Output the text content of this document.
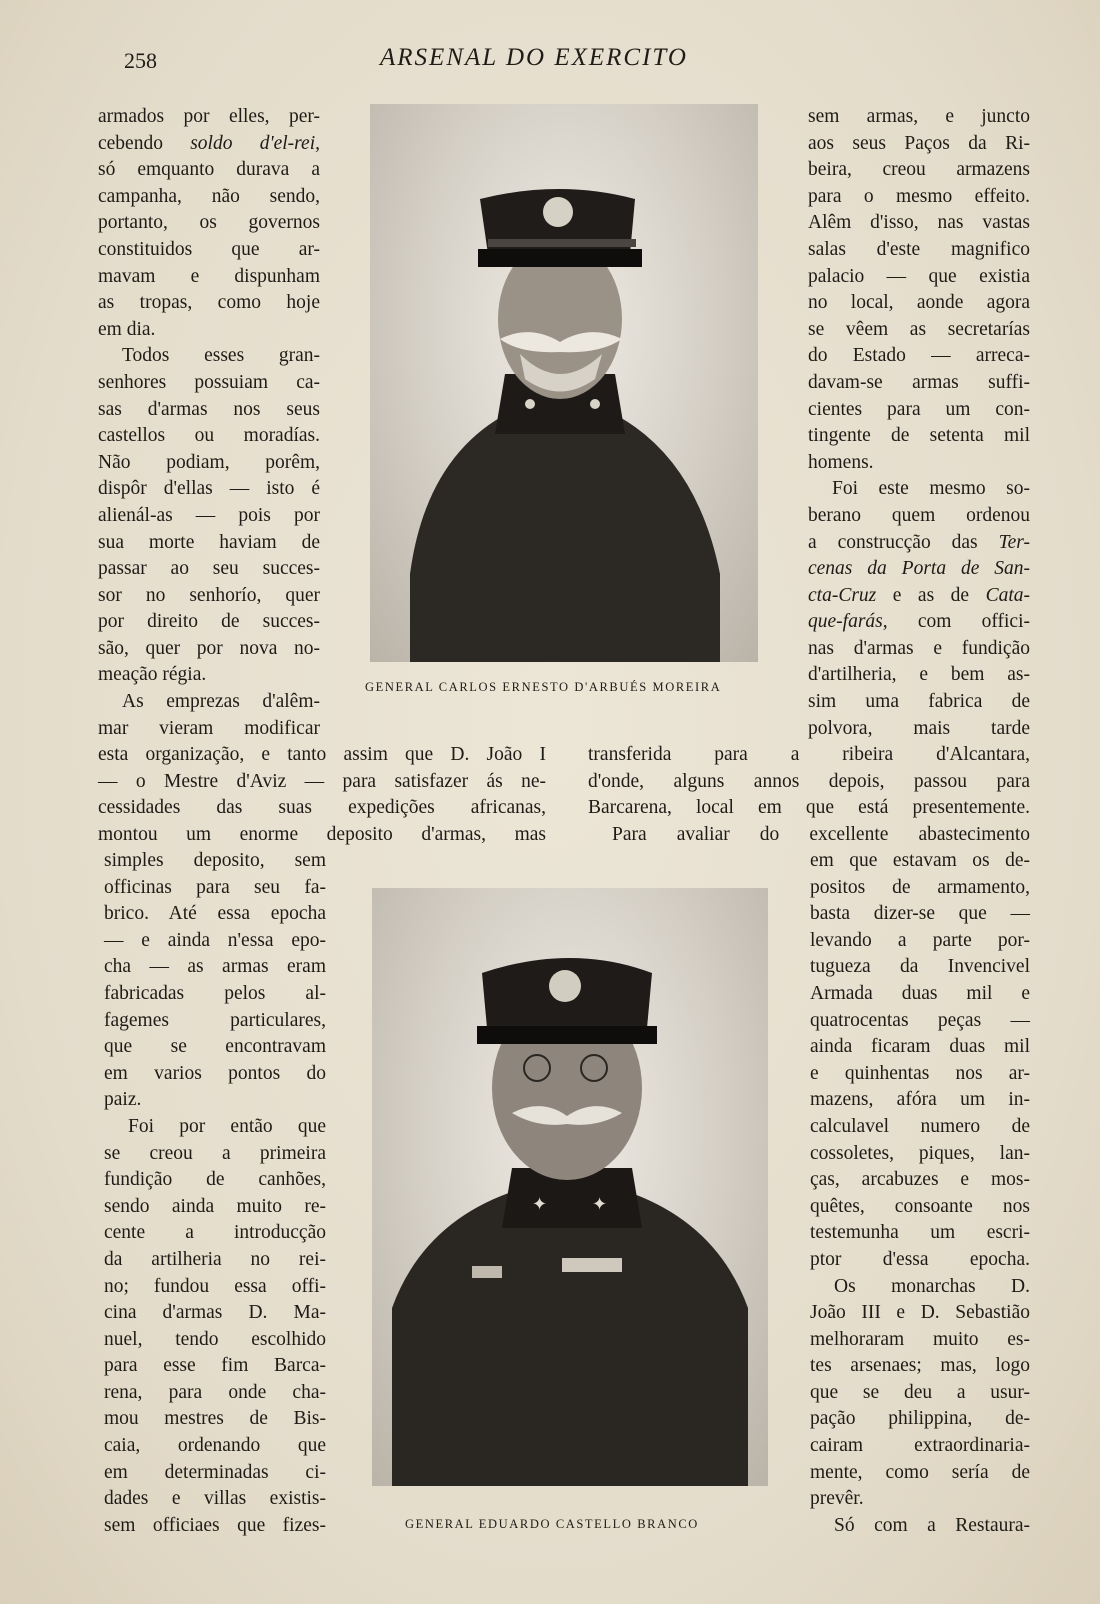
258	ARSENAL DO EXERCITO
armados por elles, per-
cebendo soldo d'el-rei,
só emquanto durava a
campanha, não sendo,
portanto, os governos
constituidos que ar-
mavam e dispunham
as tropas, como hoje
em dia.
Todos esses gran-
senhores possuiam ca-
sas d'armas nos seus
castellos ou moradías.
Não podiam, porêm,
dispôr d'ellas — isto é
alienál-as — pois por
sua morte haviam de
passar ao seu succes-
sor no senhorío, quer
por direito de succes-
são, quer por nova no-
meação régia.
As emprezas d'alêm-
mar vieram modificar
sem armas, e juncto
aos seus Paços da Ri-
beira, creou armazens
para o mesmo effeito.
Alêm d'isso, nas vastas
salas d'este magnifico
palacio — que existia
no local, aonde agora
se vêem as secretarías
do Estado — arreca-
davam-se armas suffi-
cientes para um con-
tingente de setenta mil
homens.
Foi este mesmo so-
berano quem ordenou
a construcção das Ter-
cenas da Porta de San-
cta-Cruz e as de Cata-
que-farás, com offici-
nas d'armas e fundição
d'artilheria, e bem as-
sim uma fabrica de
polvora, mais tarde
esta organização, e tanto assim que D. João I
— o Mestre d'Aviz — para satisfazer ás ne-
cessidades das suas expedições africanas,
montou um enorme deposito d'armas, mas
transferida para a ribeira d'Alcantara,
d'onde, alguns annos depois, passou para
Barcarena, local em que está presentemente.
Para avaliar do excellente abastecimento
simples deposito, sem
officinas para seu fa-
brico. Até essa epocha
— e ainda n'essa epo-
cha — as armas eram
fabricadas pelos al-
fagemes particulares,
que se encontravam
em varios pontos do
paiz.
Foi por então que
se creou a primeira
fundição de canhões,
sendo ainda muito re-
cente a introducção
da artilheria no rei-
no; fundou essa offi-
cina d'armas D. Ma-
nuel, tendo escolhido
para esse fim Barca-
rena, para onde cha-
mou mestres de Bis-
caia, ordenando que
em determinadas ci-
dades e villas existis-
sem officiaes que fizes-
em que estavam os de-
positos de armamento,
basta dizer-se que —
levando a parte por-
tugueza da Invencivel
Armada duas mil e
quatrocentas peças —
ainda ficaram duas mil
e quinhentas nos ar-
mazens, afóra um in-
calculavel numero de
cossoletes, piques, lan-
ças, arcabuzes e mos-
quêtes, consoante nos
testemunha um escri-
ptor d'essa epocha.
Os monarchas D.
João III e D. Sebastião
melhoraram muito es-
tes arsenaes; mas, logo
que se deu a usur-
pação philippina, de-
cairam extraordinaria-
mente, como sería de
prevêr.
Só com a Restaura-
GENERAL CARLOS ERNESTO D'ARBUÉS MOREIRA
✦ ✦
GENERAL EDUARDO CASTELLO BRANCO
